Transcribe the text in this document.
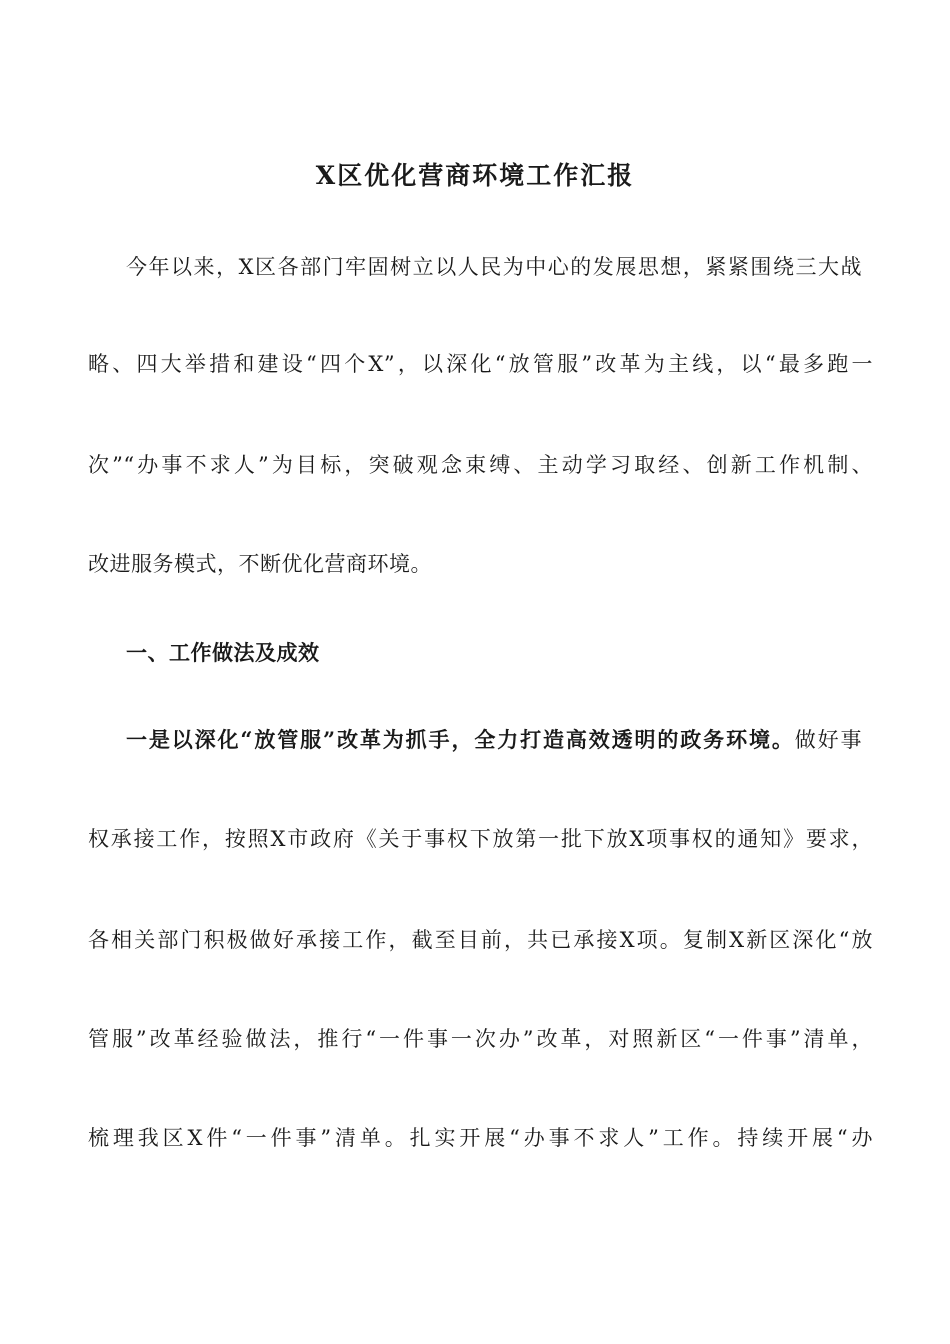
X区优化营商环境工作汇报
今年以来，X区各部门牢固树立以人民为中心的发展思想，紧紧围绕三大战
略、四大举措和建设“四个X”，以深化“放管服”改革为主线，以“最多跑一
次”“办事不求人”为目标，突破观念束缚、主动学习取经、创新工作机制、
改进服务模式，不断优化营商环境。
一、工作做法及成效
一是以深化“放管服”改革为抓手，全力打造高效透明的政务环境。做好事
权承接工作，按照X市政府《关于事权下放第一批下放X项事权的通知》要求，
各相关部门积极做好承接工作，截至目前，共已承接X项。复制X新区深化“放
管服”改革经验做法，推行“一件事一次办”改革，对照新区“一件事”清单，
梳理我区X件“一件事”清单。扎实开展“办事不求人”工作。持续开展“办
